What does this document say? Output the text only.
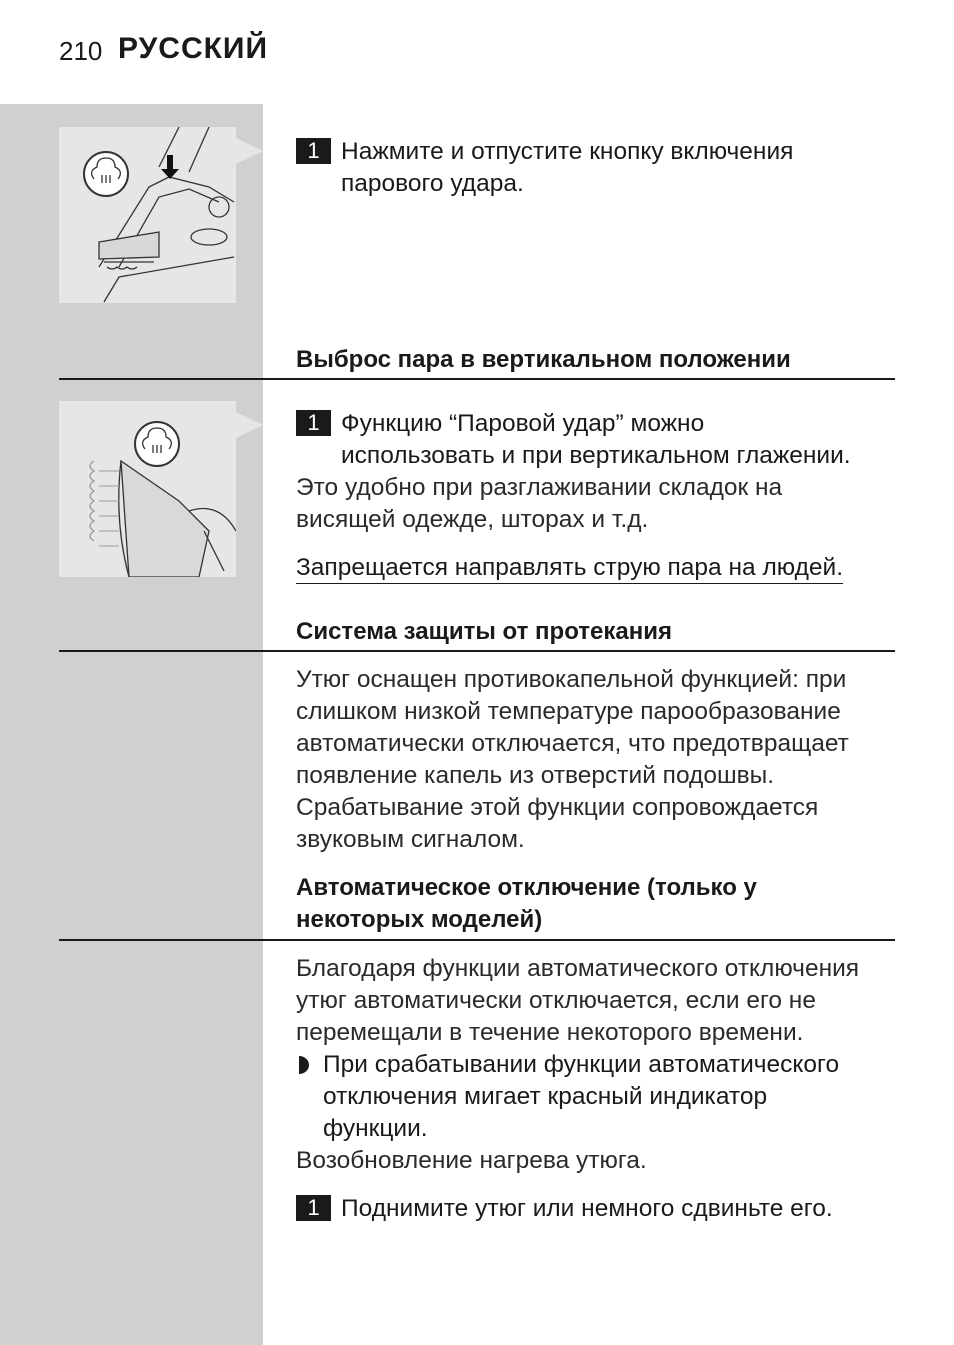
210 РУССКИЙ
1 Нажмите и отпустите кнопку включения
парового удара.
Выброс пара в вертикальном положении
1 Функцию “Паровой удар” можно
использовать и при вертикальном глажении.
Это удобно при разглаживании складок на
висящей одежде, шторах и т.д.
Запрещается направлять струю пара на людей.
Система защиты от протекания
Утюг оснащен противокапельной функцией: при
слишком низкой температуре парообразование
автоматически отключается, что предотвращает
появление капель из отверстий подошвы.
Срабатывание этой функции сопровождается
звуковым сигналом.
Автоматическое отключение (только у
некоторых моделей)
Благодаря функции автоматического отключения
утюг автоматически отключается, если его не
перемещали в течение некоторого времени.
При срабатывании функции автоматического
отключения мигает красный индикатор
функции.
Возобновление нагрева утюга.
1 Поднимите утюг или немного сдвиньте его.
